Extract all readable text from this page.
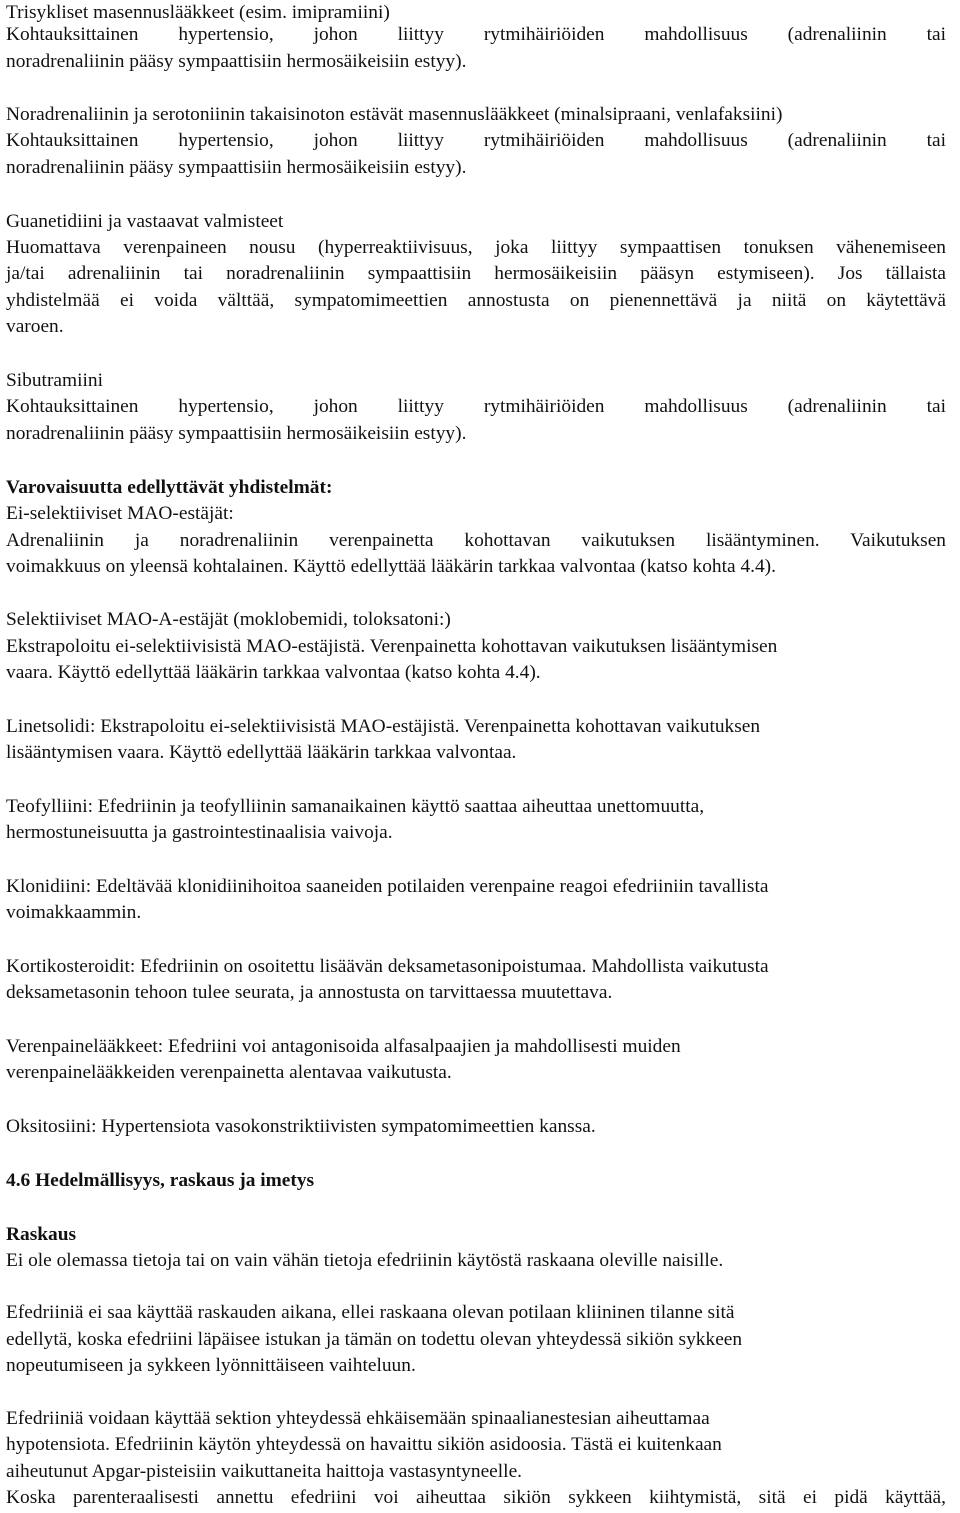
Trisykliset masennuslääkkeet (esim. imipramiini)
Kohtauksittainen hypertensio, johon liittyy rytmihäiriöiden mahdollisuus (adrenaliinin tai
noradrenaliinin pääsy sympaattisiin hermosäikeisiin estyy).
Noradrenaliinin ja serotoniinin takaisinoton estävät masennuslääkkeet (minalsipraani, venlafaksiini)
Kohtauksittainen hypertensio, johon liittyy rytmihäiriöiden mahdollisuus (adrenaliinin tai
noradrenaliinin pääsy sympaattisiin hermosäikeisiin estyy).
Guanetidiini ja vastaavat valmisteet
Huomattava verenpaineen nousu (hyperreaktiivisuus, joka liittyy sympaattisen tonuksen vähenemiseen
ja/tai adrenaliinin tai noradrenaliinin sympaattisiin hermosäikeisiin pääsyn estymiseen). Jos tällaista
yhdistelmää ei voida välttää, sympatomimeettien annostusta on pienennettävä ja niitä on käytettävä
varoen.
Sibutramiini
Kohtauksittainen hypertensio, johon liittyy rytmihäiriöiden mahdollisuus (adrenaliinin tai
noradrenaliinin pääsy sympaattisiin hermosäikeisiin estyy).
Varovaisuutta edellyttävät yhdistelmät:
Ei-selektiiviset MAO-estäjät:
Adrenaliinin ja noradrenaliinin verenpainetta kohottavan vaikutuksen lisääntyminen. Vaikutuksen
voimakkuus on yleensä kohtalainen. Käyttö edellyttää lääkärin tarkkaa valvontaa (katso kohta 4.4).
Selektiiviset MAO-A-estäjät (moklobemidi, toloksatoni:)
Ekstrapoloitu ei-selektiivisistä MAO-estäjistä. Verenpainetta kohottavan vaikutuksen lisääntymisen
vaara. Käyttö edellyttää lääkärin tarkkaa valvontaa (katso kohta 4.4).
Linetsolidi: Ekstrapoloitu ei-selektiivisistä MAO-estäjistä. Verenpainetta kohottavan vaikutuksen
lisääntymisen vaara. Käyttö edellyttää lääkärin tarkkaa valvontaa.
Teofylliini: Efedriinin ja teofylliinin samanaikainen käyttö saattaa aiheuttaa unettomuutta,
hermostuneisuutta ja gastrointestinaalisia vaivoja.
Klonidiini: Edeltävää klonidiinihoitoa saaneiden potilaiden verenpaine reagoi efedriiniin tavallista
voimakkaammin.
Kortikosteroidit: Efedriinin on osoitettu lisäävän deksametasonipoistumaa. Mahdollista vaikutusta
deksametasonin tehoon tulee seurata, ja annostusta on tarvittaessa muutettava.
Verenpainelääkkeet: Efedriini voi antagonisoida alfasalpaajien ja mahdollisesti muiden
verenpainelääkkeiden verenpainetta alentavaa vaikutusta.
Oksitosiini: Hypertensiota vasokonstriktiivisten sympatomimeettien kanssa.
4.6 Hedelmällisyys, raskaus ja imetys
Raskaus
Ei ole olemassa tietoja tai on vain vähän tietoja efedriinin käytöstä raskaana oleville naisille.
Efedriiniä ei saa käyttää raskauden aikana, ellei raskaana olevan potilaan kliininen tilanne sitä
edellytä, koska efedriini läpäisee istukan ja tämän on todettu olevan yhteydessä sikiön sykkeen
nopeutumiseen ja sykkeen lyönnittäiseen vaihteluun.
Efedriiniä voidaan käyttää sektion yhteydessä ehkäisemään spinaalianestesian aiheuttamaa
hypotensiota. Efedriinin käytön yhteydessä on havaittu sikiön asidoosia. Tästä ei kuitenkaan
aiheutunut Apgar-pisteisiin vaikuttaneita haittoja vastasyntyneelle.
Koska parenteraalisesti annettu efedriini voi aiheuttaa sikiön sykkeen kiihtymistä, sitä ei pidä käyttää,
